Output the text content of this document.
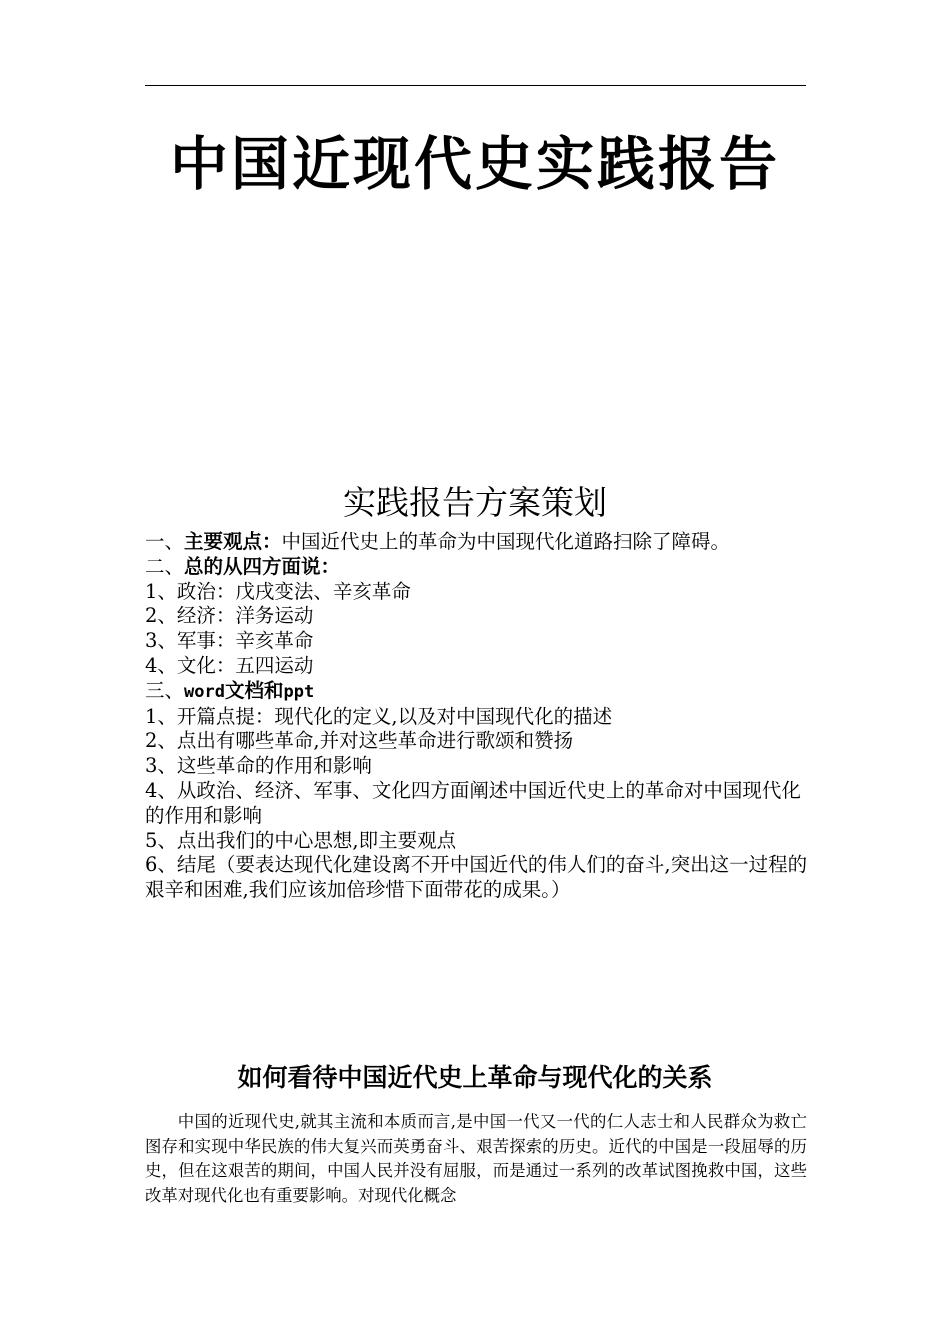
中国近现代史实践报告
实践报告方案策划
一、主要观点：中国近代史上的革命为中国现代化道路扫除了障碍。
二、总的从四方面说：
1、政治：戊戌变法、辛亥革命
2、经济：洋务运动
3、军事：辛亥革命
4、文化：五四运动
三、word文档和ppt
1、开篇点提：现代化的定义,以及对中国现代化的描述
2、点出有哪些革命,并对这些革命进行歌颂和赞扬
3、这些革命的作用和影响
4、从政治、经济、军事、文化四方面阐述中国近代史上的革命对中国现代化的作用和影响
5、点出我们的中心思想,即主要观点
6、结尾（要表达现代化建设离不开中国近代的伟人们的奋斗,突出这一过程的艰辛和困难,我们应该加倍珍惜下面带花的成果。）
如何看待中国近代史上革命与现代化的关系

中国的近现代史,就其主流和本质而言,是中国一代又一代的仁人志士和人民群众为救亡图存和实现中华民族的伟大复兴而英勇奋斗、艰苦探索的历史。近代的中国是一段屈辱的历史，但在这艰苦的期间，中国人民并没有屈服，而是通过一系列的改革试图挽救中国，这些改革对现代化也有重要影响。对现代化概念
